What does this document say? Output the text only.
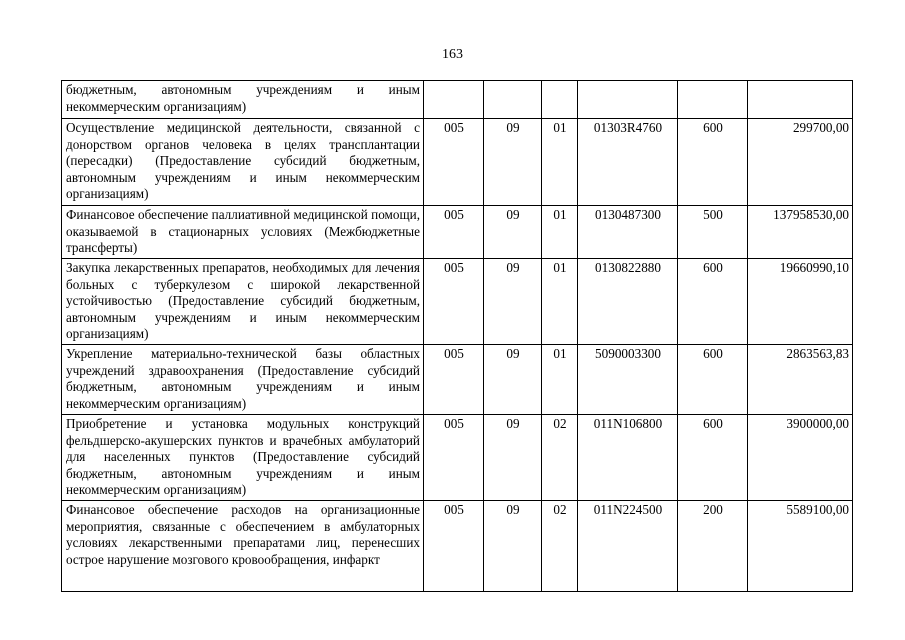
163
бюджетным, автономным учреждениям и иным некоммерческим организациям)						
Осуществление медицинской деятельности, связанной с донорством органов человека в целях трансплантации (пересадки) (Предоставление субсидий бюджетным, автономным учреждениям и иным некоммерческим организациям)	005	09	01	01303R4760	600	299700,00
Финансовое обеспечение паллиативной медицинской помощи, оказываемой в стационарных условиях (Межбюджетные трансферты)	005	09	01	0130487300	500	137958530,00
Закупка лекарственных препаратов, необходимых для лечения больных с туберкулезом с широкой лекарственной устойчивостью (Предоставление субсидий бюджетным, автономным учреждениям и иным некоммерческим организациям)	005	09	01	0130822880	600	19660990,10
Укрепление материально-технической базы областных учреждений здравоохранения (Предоставление субсидий бюджетным, автономным учреждениям и иным некоммерческим организациям)	005	09	01	5090003300	600	2863563,83
Приобретение и установка модульных конструкций фельдшерско-акушерских пунктов и врачебных амбулаторий для населенных пунктов (Предоставление субсидий бюджетным, автономным учреждениям и иным некоммерческим организациям)	005	09	02	011N106800	600	3900000,00
Финансовое обеспечение расходов на организационные мероприятия, связанные с обеспечением в амбулаторных условиях лекарственными препаратами лиц, перенесших острое нарушение мозгового кровообращения, инфаркт	005	09	02	011N224500	200	5589100,00
